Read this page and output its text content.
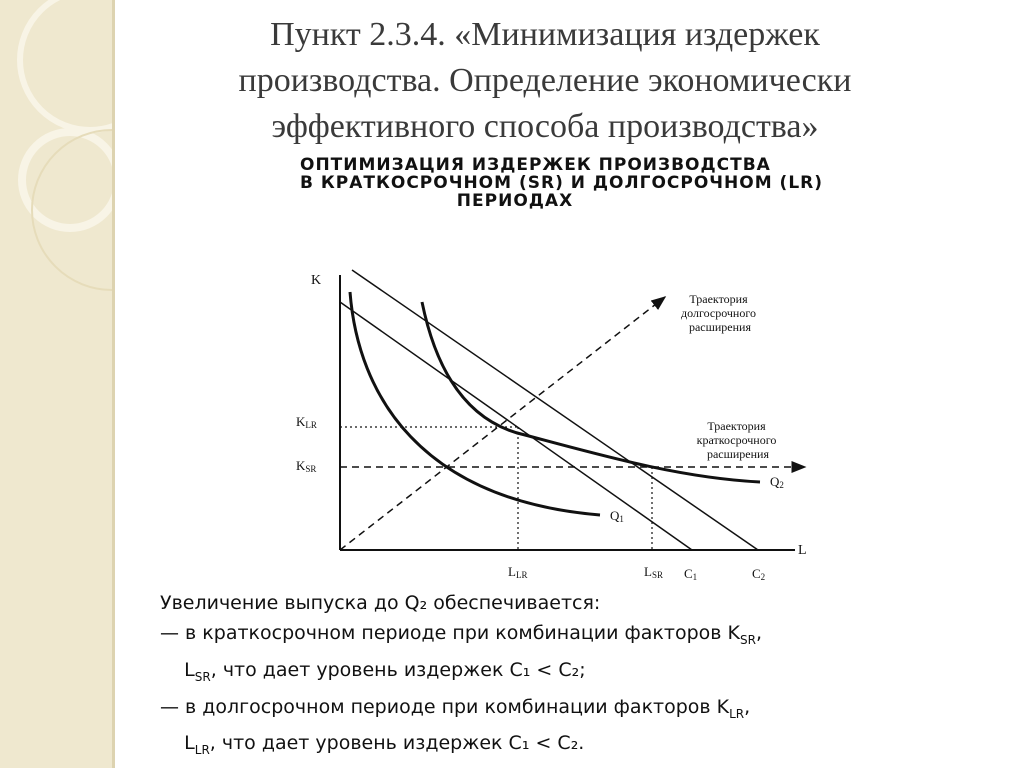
Пункт 2.3.4. «Минимизация издержек
производства. Определение экономически
эффективного способа производства»
ОПТИМИЗАЦИЯ ИЗДЕРЖЕК ПРОИЗВОДСТВА
В КРАТКОСРОЧНОМ (SR) И ДОЛГОСРОЧНОМ (LR)
ПЕРИОДАХ
K
L
KLR
KSR
LLR	LSR C1	C2
Q1
Q2
Траектория долгосрочного расширения
Траектория краткосрочного расширения
Увеличение выпуска до Q₂ обеспечивается:
— в краткосрочном периоде при комбинации факторов $K_{SR}$,
$L_{SR}$, что дает уровень издержек C₁ < C₂;
— в долгосрочном периоде при комбинации факторов $K_{LR}$,
$L_{LR}$, что дает уровень издержек C₁ < C₂.
